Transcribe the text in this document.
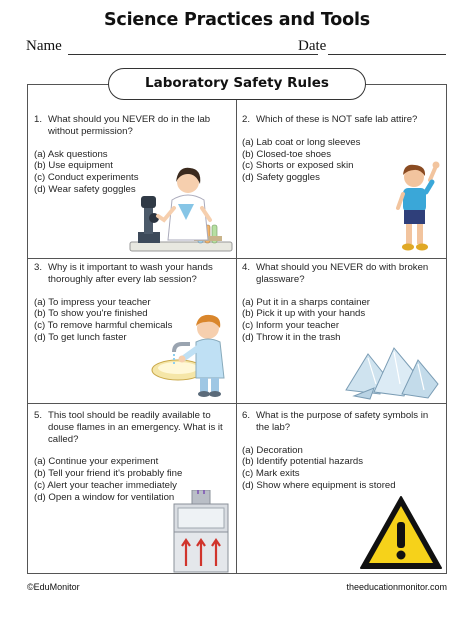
Science Practices and Tools
Name	Date
Laboratory Safety Rules
1. What should you NEVER do in the lab without permission?
(a) Ask questions
(b) Use equipment
(c) Conduct experiments
(d) Wear safety goggles
2. Which of these is NOT safe lab attire?
(a) Lab coat or long sleeves
(b) Closed-toe shoes
(c) Shorts or exposed skin
(d) Safety goggles
3. Why is it important to wash your hands thoroughly after every lab session?
(a) To impress your teacher
(b) To show you're finished
(c) To remove harmful chemicals
(d) To get lunch faster
4. What should you NEVER do with broken glassware?
(a) Put it in a sharps container
(b) Pick it up with your hands
(c) Inform your teacher
(d) Throw it in the trash
5. This tool should be readily available to douse flames in an emergency. What is it called?
(a) Continue your experiment
(b) Tell your friend it's probably fine
(c) Alert your teacher immediately
(d) Open a window for ventilation
6. What is the purpose of safety symbols in the lab?
(a) Decoration
(b) Identify potential hazards
(c) Mark exits
(d) Show where equipment is stored
©EduMonitor	theeducationmonitor.com
